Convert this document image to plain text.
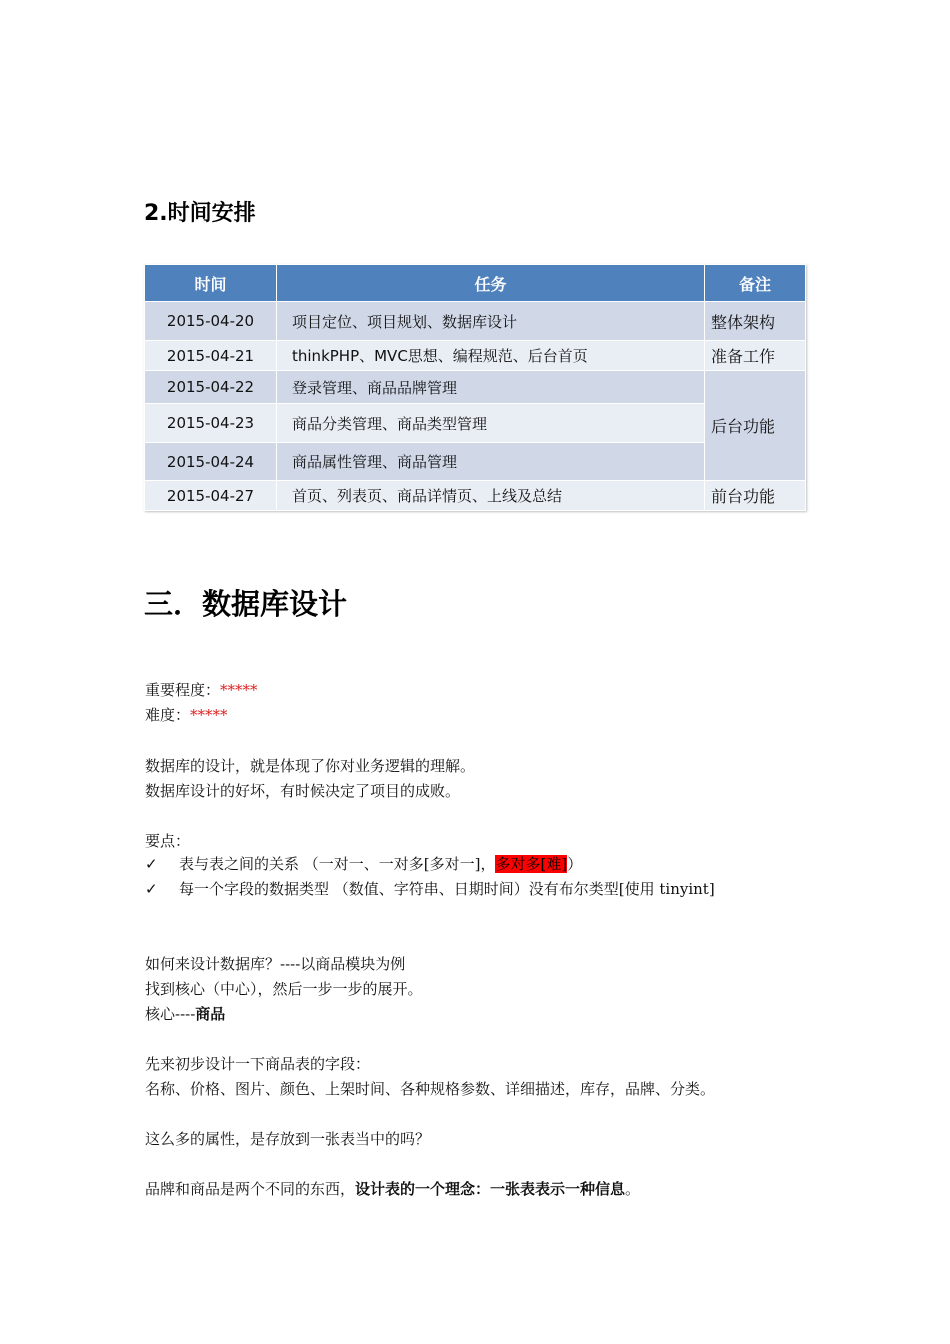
2.时间安排
时间	任务	备注
2015-04-20	项目定位、项目规划、数据库设计	整体架构
2015-04-21	thinkPHP、MVC思想、编程规范、后台首页	准备工作
2015-04-22	登录管理、商品品牌管理	后台功能
2015-04-23	商品分类管理、商品类型管理	
2015-04-24	商品属性管理、商品管理	
2015-04-27	首页、列表页、商品详情页、上线及总结	前台功能
三．数据库设计
重要程度：*****
难度：*****
数据库的设计，就是体现了你对业务逻辑的理解。
数据库设计的好坏，有时候决定了项目的成败。
要点：
✓ 表与表之间的关系 （一对一、一对多[多对一]，多对多[难]）
✓ 每一个字段的数据类型 （数值、字符串、日期时间）没有布尔类型[使用 tinyint]
如何来设计数据库？----以商品模块为例
找到核心（中心），然后一步一步的展开。
核心----商品
先来初步设计一下商品表的字段：
名称、价格、图片、颜色、上架时间、各种规格参数、详细描述，库存，品牌、分类。
这么多的属性，是存放到一张表当中的吗？
品牌和商品是两个不同的东西，设计表的一个理念：一张表表示一种信息。
